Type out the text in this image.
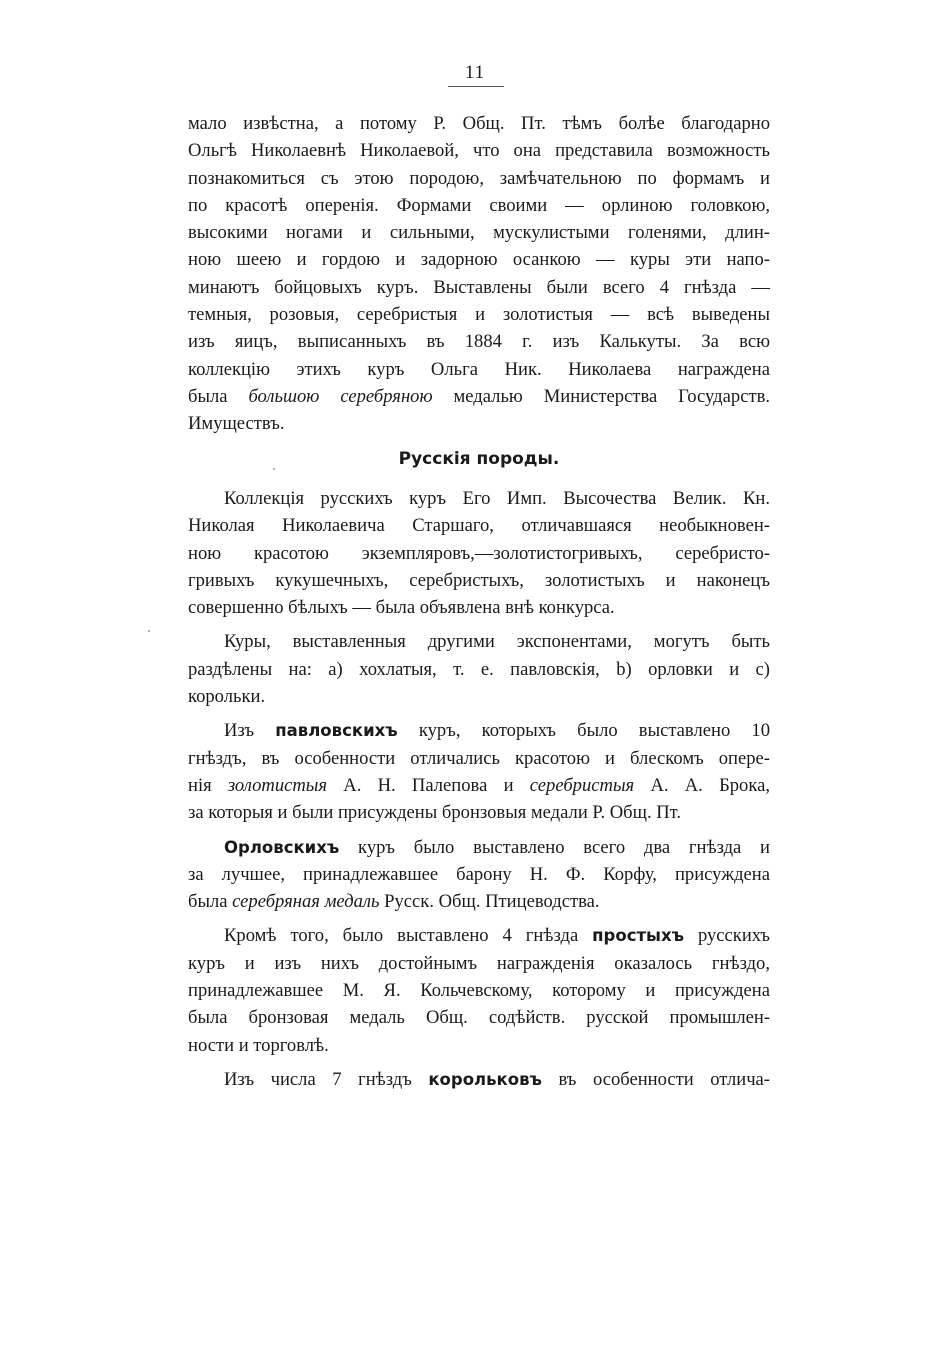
11
мало извѣстна, а потому Р. Общ. Пт. тѣмъ болѣе благодарно
Ольгѣ Николаевнѣ Николаевой, что она представила возможность
познакомиться съ этою породою, замѣчательною по формамъ и
по красотѣ оперенія. Формами своими — орлиною головкою,
высокими ногами и сильными, мускулистыми голенями, длин-
ною шеею и гордою и задорною осанкою — куры эти напо-
минаютъ бойцовыхъ куръ. Выставлены были всего 4 гнѣзда —
темныя, розовыя, серебристыя и золотистыя — всѣ выведены
изъ яицъ, выписанныхъ въ 1884 г. изъ Калькуты. За всю
коллекцію этихъ куръ Ольга Ник. Николаева награждена
была большою серебряною медалью Министерства Государств.
Имуществъ.
Русскія породы.
Коллекція русскихъ куръ Его Имп. Высочества Велик. Кн.
Николая Николаевича Старшаго, отличавшаяся необыкновен-
ною красотою экземпляровъ,—золотистогривыхъ, серебристо-
гривыхъ кукушечныхъ, серебристыхъ, золотистыхъ и наконецъ
совершенно бѣлыхъ — была объявлена внѣ конкурса.
Куры, выставленныя другими экспонентами, могутъ быть
раздѣлены на: а) хохлатыя, т. е. павловскія, b) орловки и с)
корольки.
Изъ павловскихъ куръ, которыхъ было выставлено 10
гнѣздъ, въ особенности отличались красотою и блескомъ опере-
нія золотистыя А. Н. Палепова и серебристыя А. А. Брока,
за которыя и были присуждены бронзовыя медали Р. Общ. Пт.
Орловскихъ куръ было выставлено всего два гнѣзда и
за лучшее, принадлежавшее барону Н. Ф. Корфу, присуждена
была серебряная медаль Русск. Общ. Птицеводства.
Кромѣ того, было выставлено 4 гнѣзда простыхъ русскихъ
куръ и изъ нихъ достойнымъ награжденія оказалось гнѣздо,
принадлежавшее М. Я. Кольчевскому, которому и присуждена
была бронзовая медаль Общ. содѣйств. русской промышлен-
ности и торговлѣ.
Изъ числа 7 гнѣздъ корольковъ въ особенности отлича-
